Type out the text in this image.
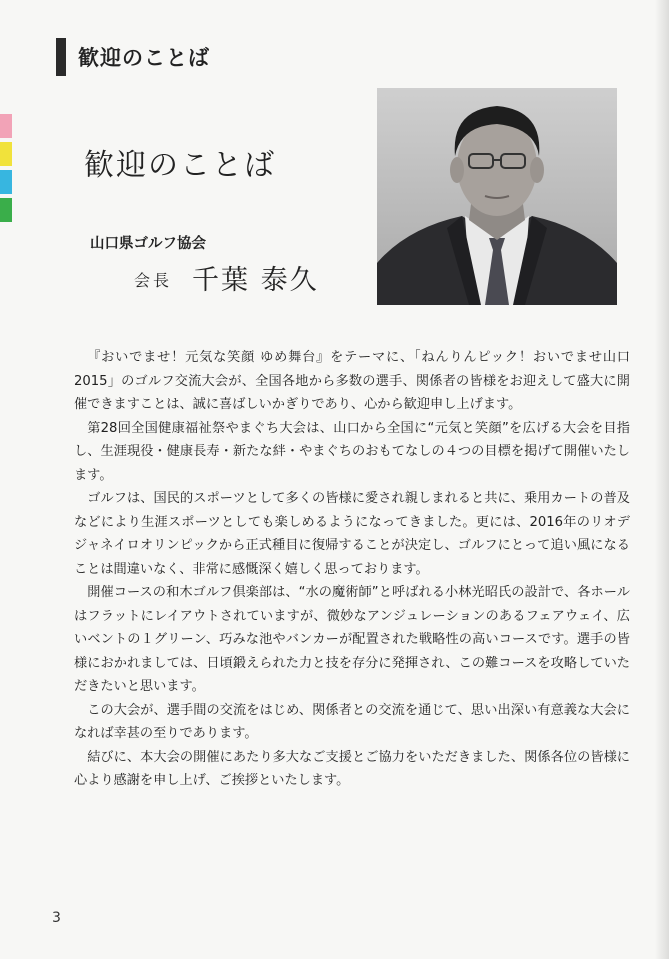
歓迎のことば
歓迎のことば
山口県ゴルフ協会
会長 千葉 泰久

『おいでませ！元気な笑顔 ゆめ舞台』をテーマに、「ねんりんピック！おいでませ山口2015」のゴルフ交流大会が、全国各地から多数の選手、関係者の皆様をお迎えして盛大に開催できますことは、誠に喜ばしいかぎりであり、心から歓迎申し上げます。

第28回全国健康福祉祭やまぐち大会は、山口から全国に“元気と笑顔”を広げる大会を目指し、生涯現役・健康長寿・新たな絆・やまぐちのおもてなしの４つの目標を掲げて開催いたします。

ゴルフは、国民的スポーツとして多くの皆様に愛され親しまれると共に、乗用カートの普及などにより生涯スポーツとしても楽しめるようになってきました。更には、2016年のリオデジャネイロオリンピックから正式種目に復帰することが決定し、ゴルフにとって追い風になることは間違いなく、非常に感慨深く嬉しく思っております。

開催コースの和木ゴルフ倶楽部は、“水の魔術師”と呼ばれる小林光昭氏の設計で、各ホールはフラットにレイアウトされていますが、微妙なアンジュレーションのあるフェアウェイ、広いベントの１グリーン、巧みな池やバンカーが配置された戦略性の高いコースです。選手の皆様におかれましては、日頃鍛えられた力と技を存分に発揮され、この難コースを攻略していただきたいと思います。

この大会が、選手間の交流をはじめ、関係者との交流を通じて、思い出深い有意義な大会になれば幸甚の至りであります。

結びに、本大会の開催にあたり多大なご支援とご協力をいただきました、関係各位の皆様に心より感謝を申し上げ、ご挨拶といたします。

3
